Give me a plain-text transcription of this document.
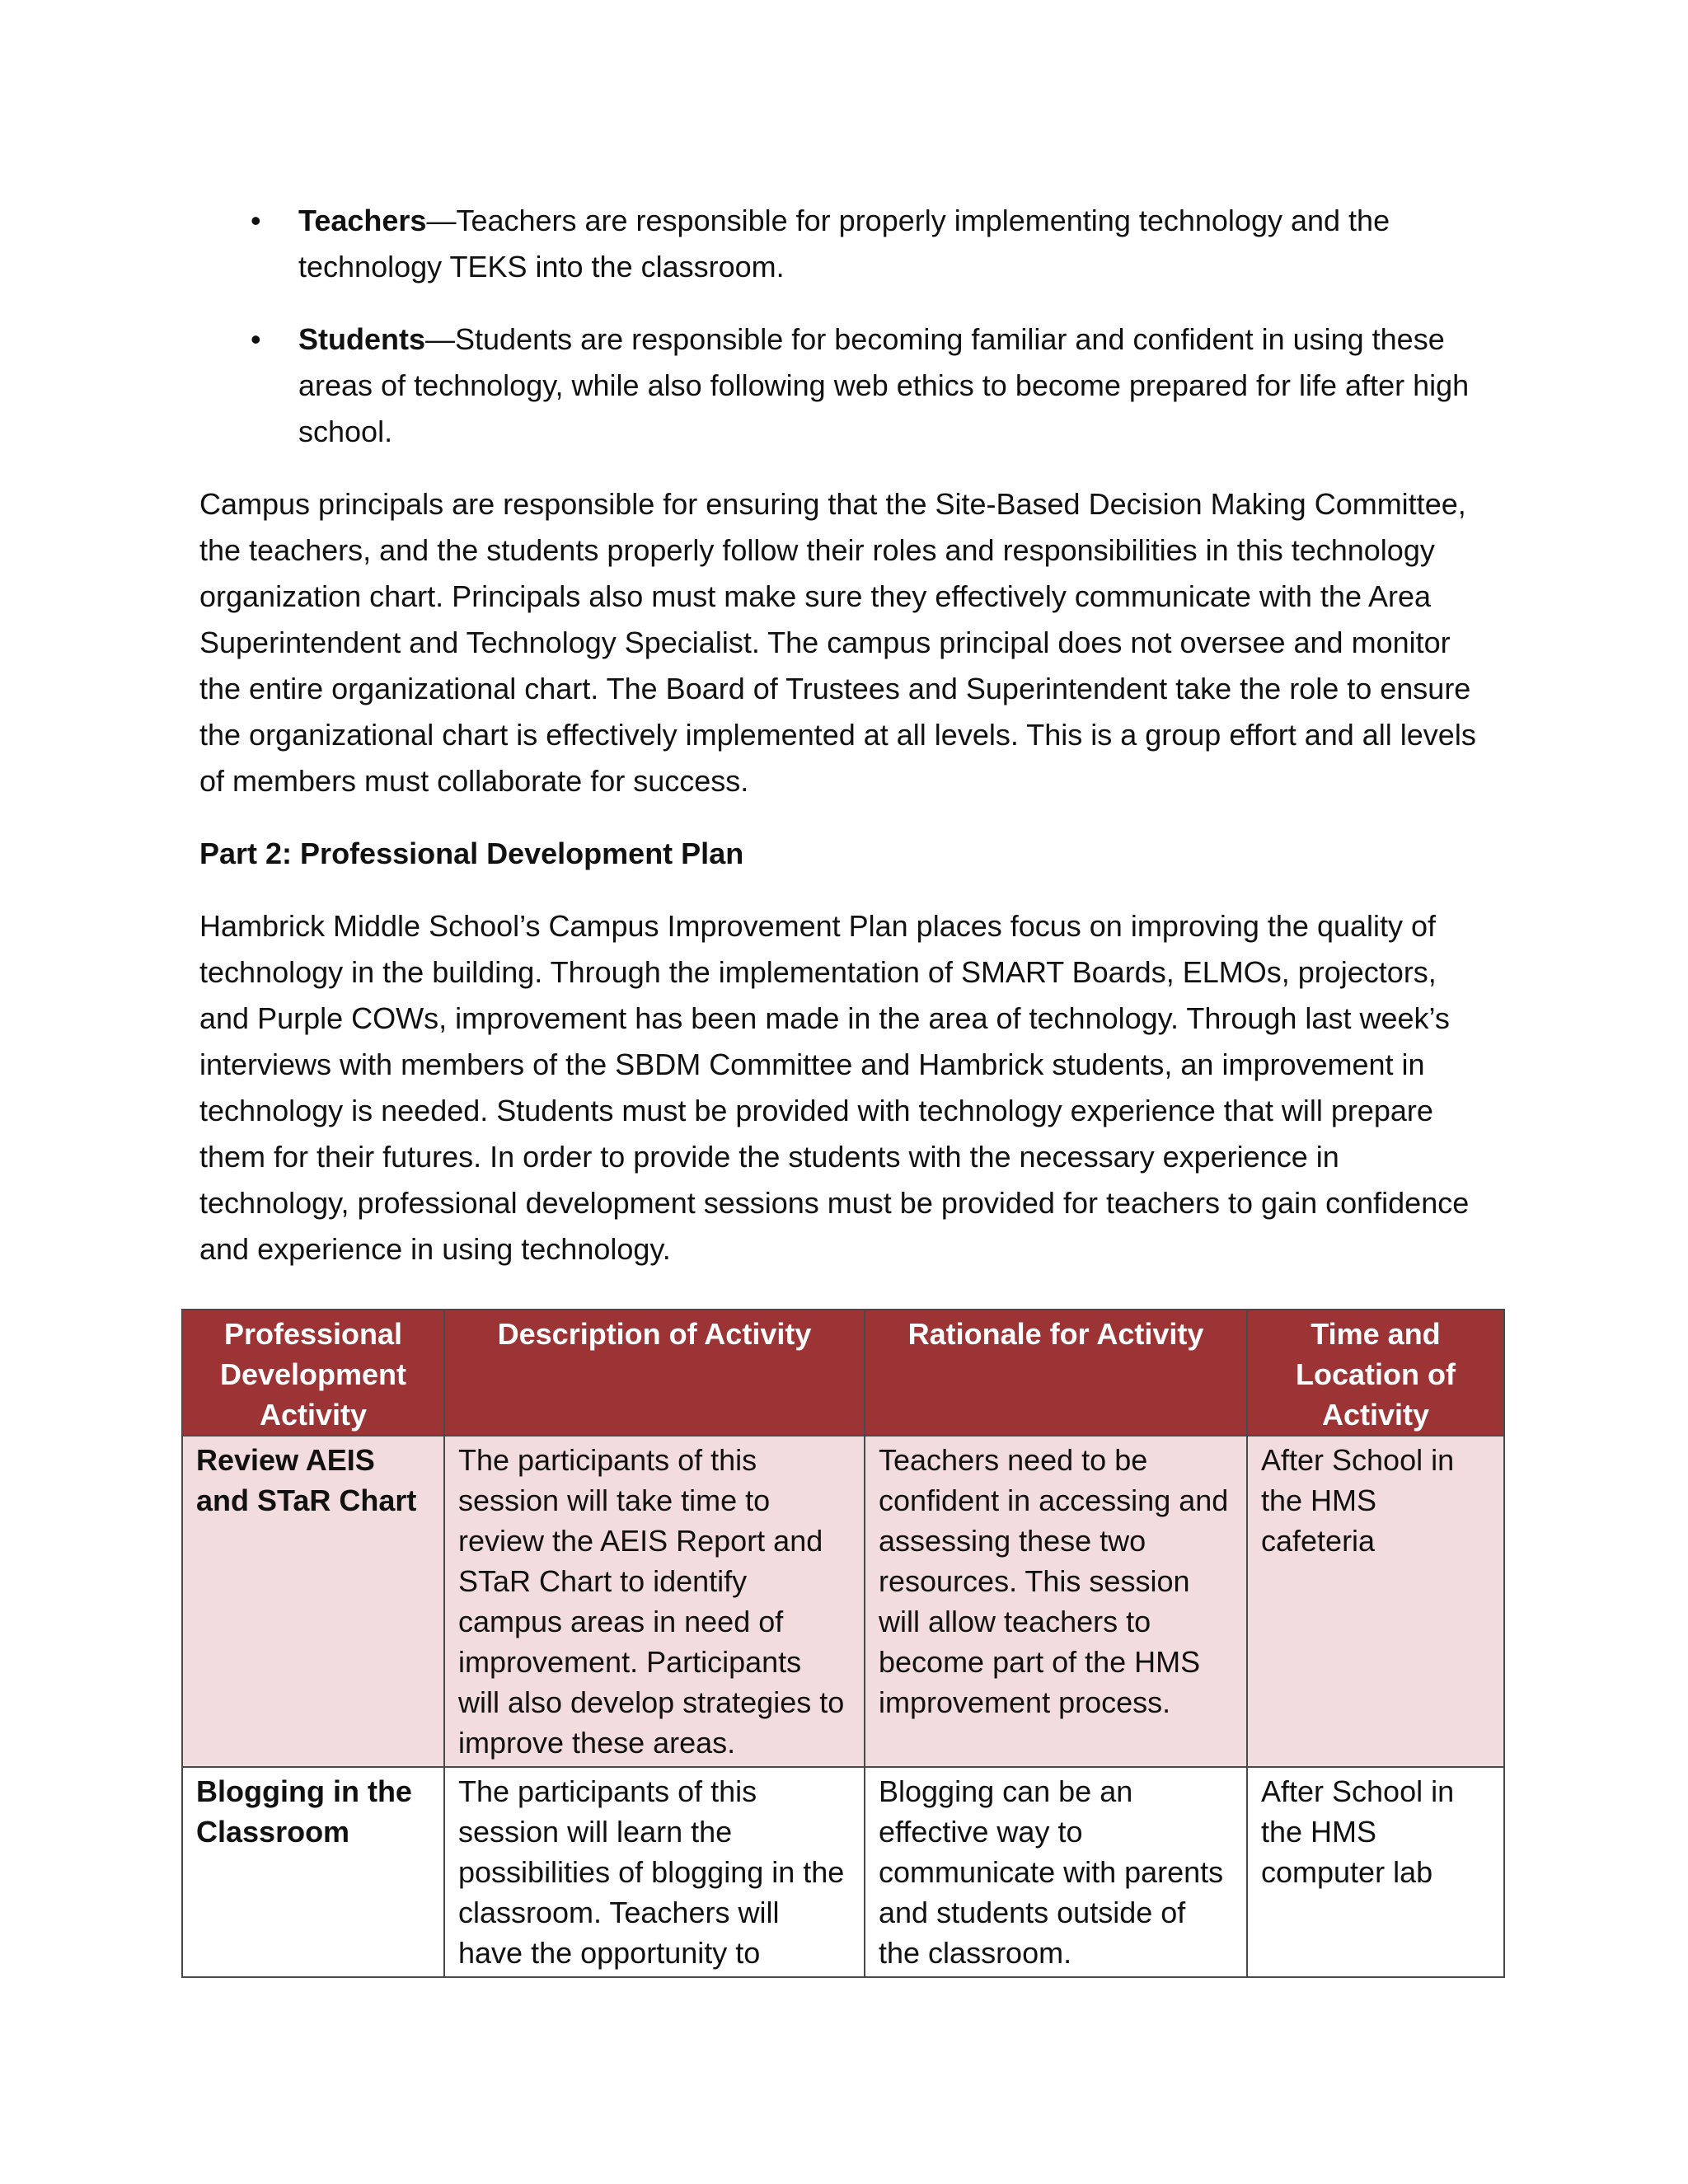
• Teachers—Teachers are responsible for properly implementing technology and the technology TEKS into the classroom.
• Students—Students are responsible for becoming familiar and confident in using these areas of technology, while also following web ethics to become prepared for life after high school.

Campus principals are responsible for ensuring that the Site-Based Decision Making Committee, the teachers, and the students properly follow their roles and responsibilities in this technology organization chart. Principals also must make sure they effectively communicate with the Area Superintendent and Technology Specialist. The campus principal does not oversee and monitor the entire organizational chart. The Board of Trustees and Superintendent take the role to ensure the organizational chart is effectively implemented at all levels. This is a group effort and all levels of members must collaborate for success.

Part 2: Professional Development Plan

Hambrick Middle School’s Campus Improvement Plan places focus on improving the quality of technology in the building. Through the implementation of SMART Boards, ELMOs, projectors, and Purple COWs, improvement has been made in the area of technology. Through last week’s interviews with members of the SBDM Committee and Hambrick students, an improvement in technology is needed. Students must be provided with technology experience that will prepare them for their futures. In order to provide the students with the necessary experience in technology, professional development sessions must be provided for teachers to gain confidence and experience in using technology.

Professional Development Activity	Description of Activity	Rationale for Activity	Time and Location of Activity
Review AEIS and STaR Chart	The participants of this session will take time to review the AEIS Report and STaR Chart to identify campus areas in need of improvement. Participants will also develop strategies to improve these areas.	Teachers need to be confident in accessing and assessing these two resources. This session will allow teachers to become part of the HMS improvement process.	After School in the HMS cafeteria
Blogging in the Classroom	The participants of this session will learn the possibilities of blogging in the classroom. Teachers will have the opportunity to	Blogging can be an effective way to communicate with parents and students outside of the classroom.	After School in the HMS computer lab
